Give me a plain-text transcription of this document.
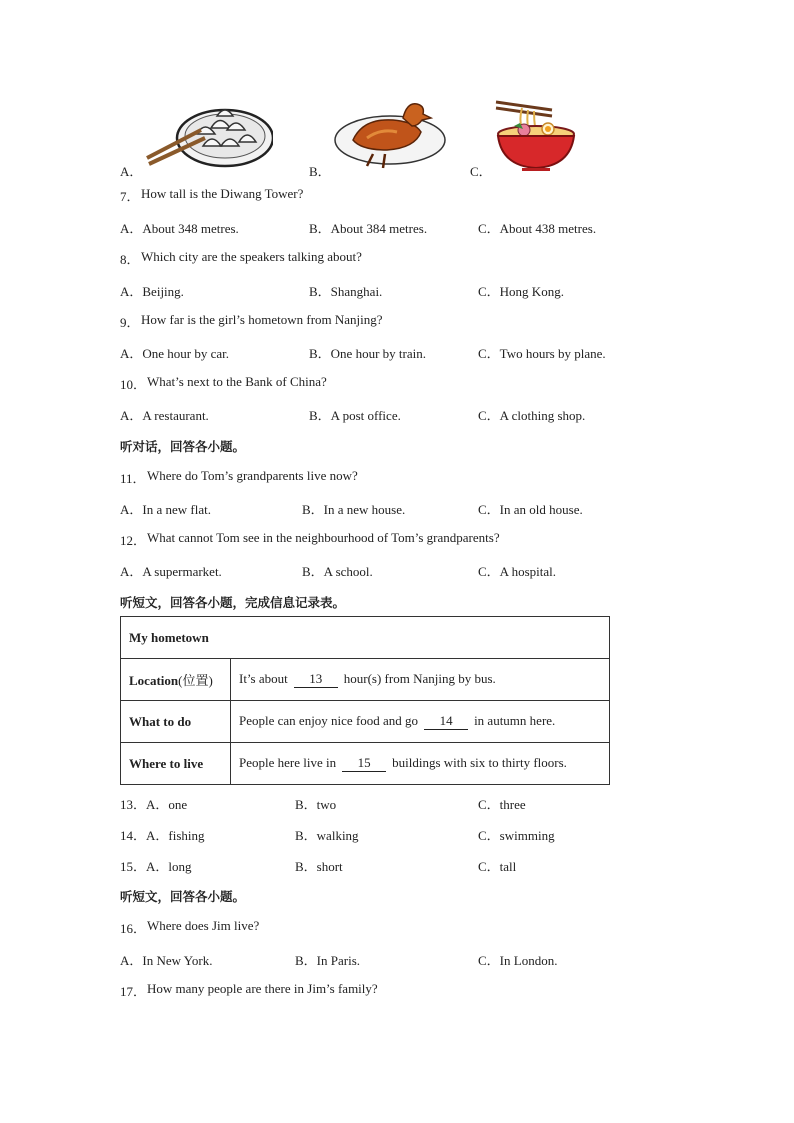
A．	B．	C．
7． How tall is the Diwang Tower?
A．About 348 metres.	B．About 384 metres.	C．About 438 metres.
8． Which city are the speakers talking about?
A．Beijing.	B．Shanghai.	C．Hong Kong.
9． How far is the girl’s hometown from Nanjing?
A．One hour by car.	B．One hour by train.	C．Two hours by plane.
10． What’s next to the Bank of China?
A．A restaurant.	B．A post office.	C．A clothing shop.
听对话，回答各小题。
11． Where do Tom’s grandparents live now?
A．In a new flat.	B．In a new house.	C．In an old house.
12． What cannot Tom see in the neighbourhood of Tom’s grandparents?
A．A supermarket.	B．A school.	C．A hospital.
听短文，回答各小题，完成信息记录表。
My hometown	
Location(位置)	It’s about 13 hour(s) from Nanjing by bus.
What to do	People can enjoy nice food and go 14 in autumn here.
Where to live	People here live in 15 buildings with six to thirty floors.
13．A．one	B．two	C．three
14．A．fishing	B．walking	C．swimming
15．A．long	B．short	C．tall
听短文，回答各小题。
16． Where does Jim live?
A．In New York.	B．In Paris.	C．In London.
17． How many people are there in Jim’s family?
